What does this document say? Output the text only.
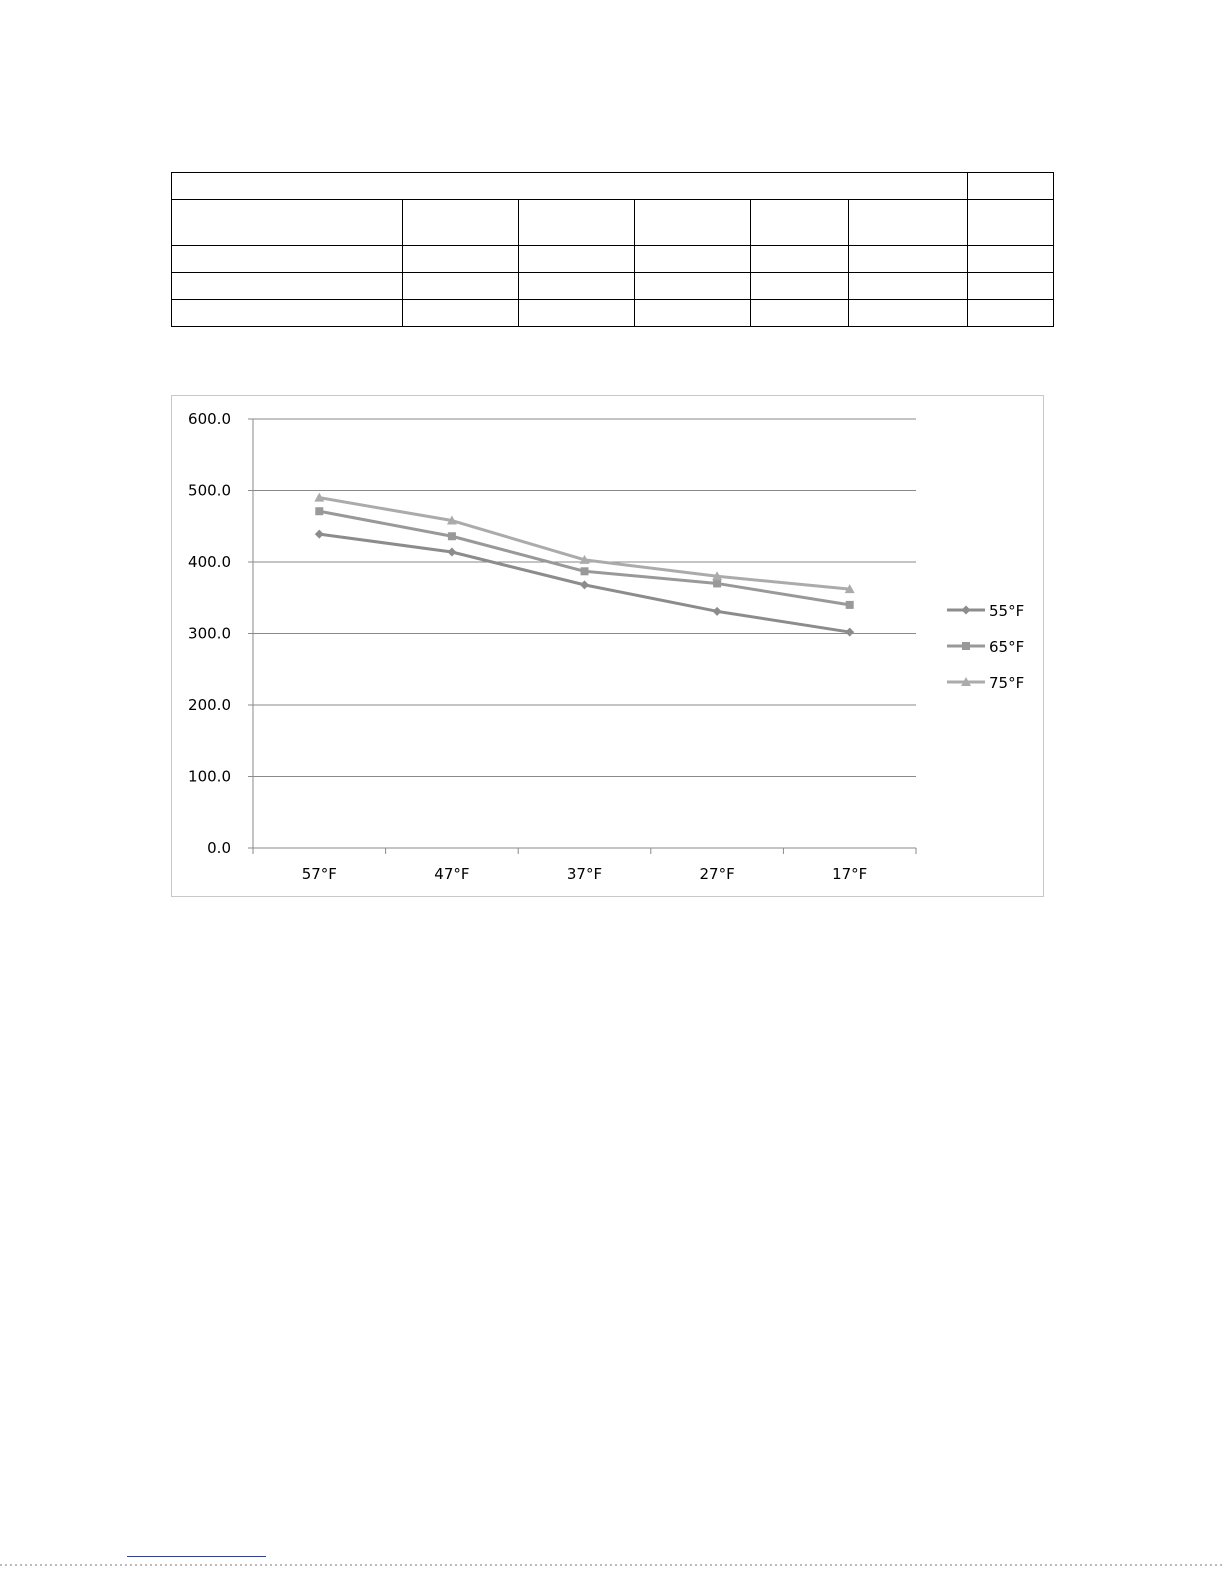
0.0
100.0
200.0
300.0
400.0
500.0
600.0
57°F	47°F	37°F	27°F	17°F
55°F
65°F
75°F
